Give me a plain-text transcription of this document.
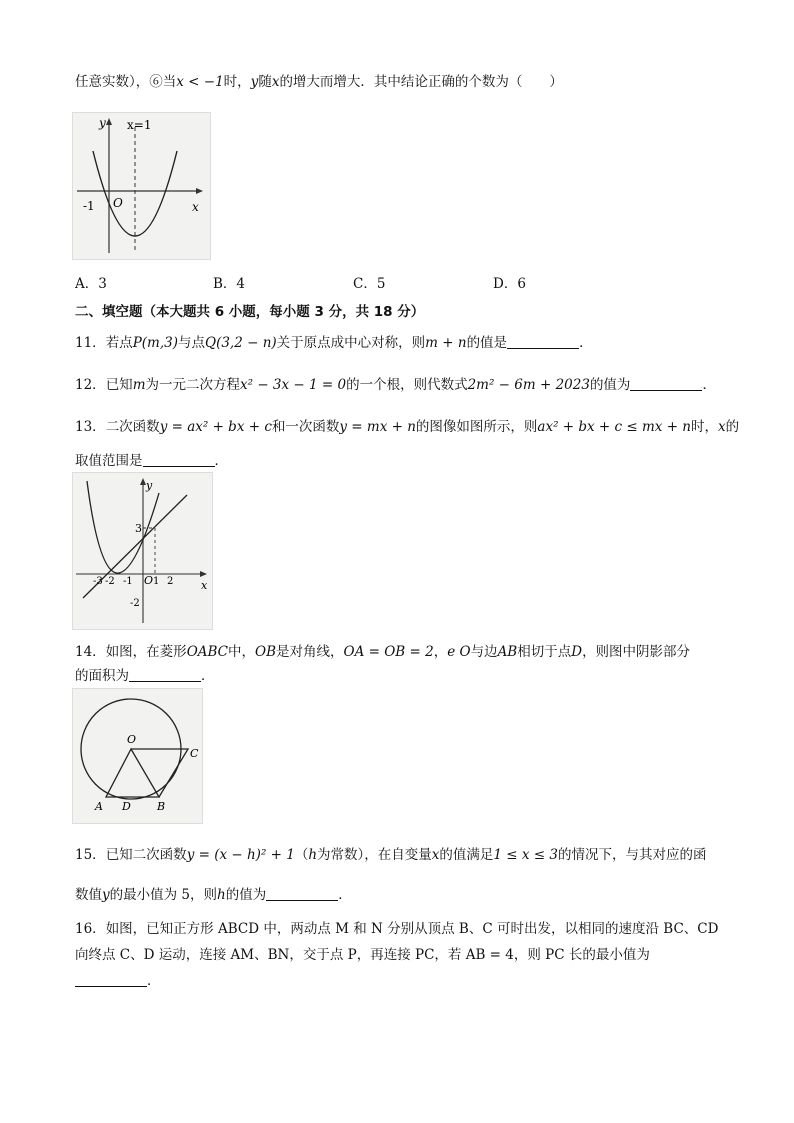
任意实数），⑥当x < −1时，y随x的增大而增大．其中结论正确的个数为（　　）
y x=1
x
O
-1
A．3	B．4	C．5	D．6
二、填空题（本大题共 6 小题，每小题 3 分，共 18 分）
11．若点P(m,3)与点Q(3,2 − n)关于原点成中心对称，则m + n的值是	．
12．已知m为一元二次方程x² − 3x − 1 = 0的一个根，则代数式2m² − 6m + 2023的值为	．
13．二次函数y = ax² + bx + c和一次函数y = mx + n的图像如图所示，则ax² + bx + c ≤ mx + n时，x的
取值范围是	．
y
x
3
-3 -2 -1 O 1 2
-2
14．如图，在菱形OABC中，OB是对角线，OA = OB = 2，e O与边AB相切于点D，则图中阴影部分
的面积为	．
O
C
A D B
15．已知二次函数y = (x − h)² + 1（h为常数），在自变量x的值满足1 ≤ x ≤ 3的情况下，与其对应的函
数值y的最小值为 5，则h的值为	．
16．如图，已知正方形 ABCD 中，两动点 M 和 N 分别从顶点 B、C 可时出发，以相同的速度沿 BC、CD
向终点 C、D 运动，连接 AM、BN，交于点 P，再连接 PC，若 AB = 4，则 PC 长的最小值为
．
